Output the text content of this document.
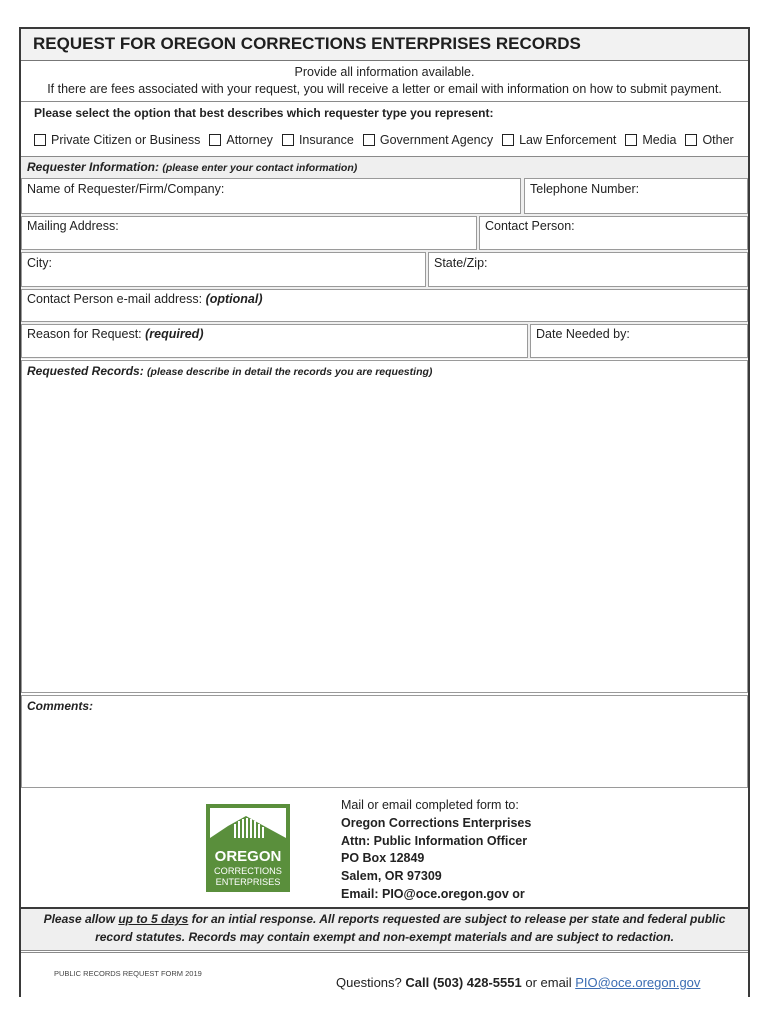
REQUEST FOR OREGON CORRECTIONS ENTERPRISES RECORDS
Provide all information available.
If there are fees associated with your request, you will receive a letter or email with information on how to submit payment.
Please select the option that best describes which requester type you represent:
Private Citizen or Business Attorney Insurance Government Agency Law Enforcement Media Other
Requester Information: (please enter your contact information)
Name of Requester/Firm/Company:	Telephone Number:
Mailing Address:	Contact Person:
City:	State/Zip:
Contact Person e-mail address: (optional)
Reason for Request: (required)	Date Needed by:
Requested Records: (please describe in detail the records you are requesting)
Comments:
OREGON
CORRECTIONS
ENTERPRISES
Mail or email completed form to:
Oregon Corrections Enterprises
Attn: Public Information Officer
PO Box 12849
Salem, OR 97309
Email: PIO@oce.oregon.gov or
Please allow up to 5 days for an intial response. All reports requested are subject to release per state and federal public
record statutes. Records may contain exempt and non-exempt materials and are subject to redaction.
PUBLIC RECORDS REQUEST FORM 2019
Questions? Call (503) 428-5551 or email PIO@oce.oregon.gov
